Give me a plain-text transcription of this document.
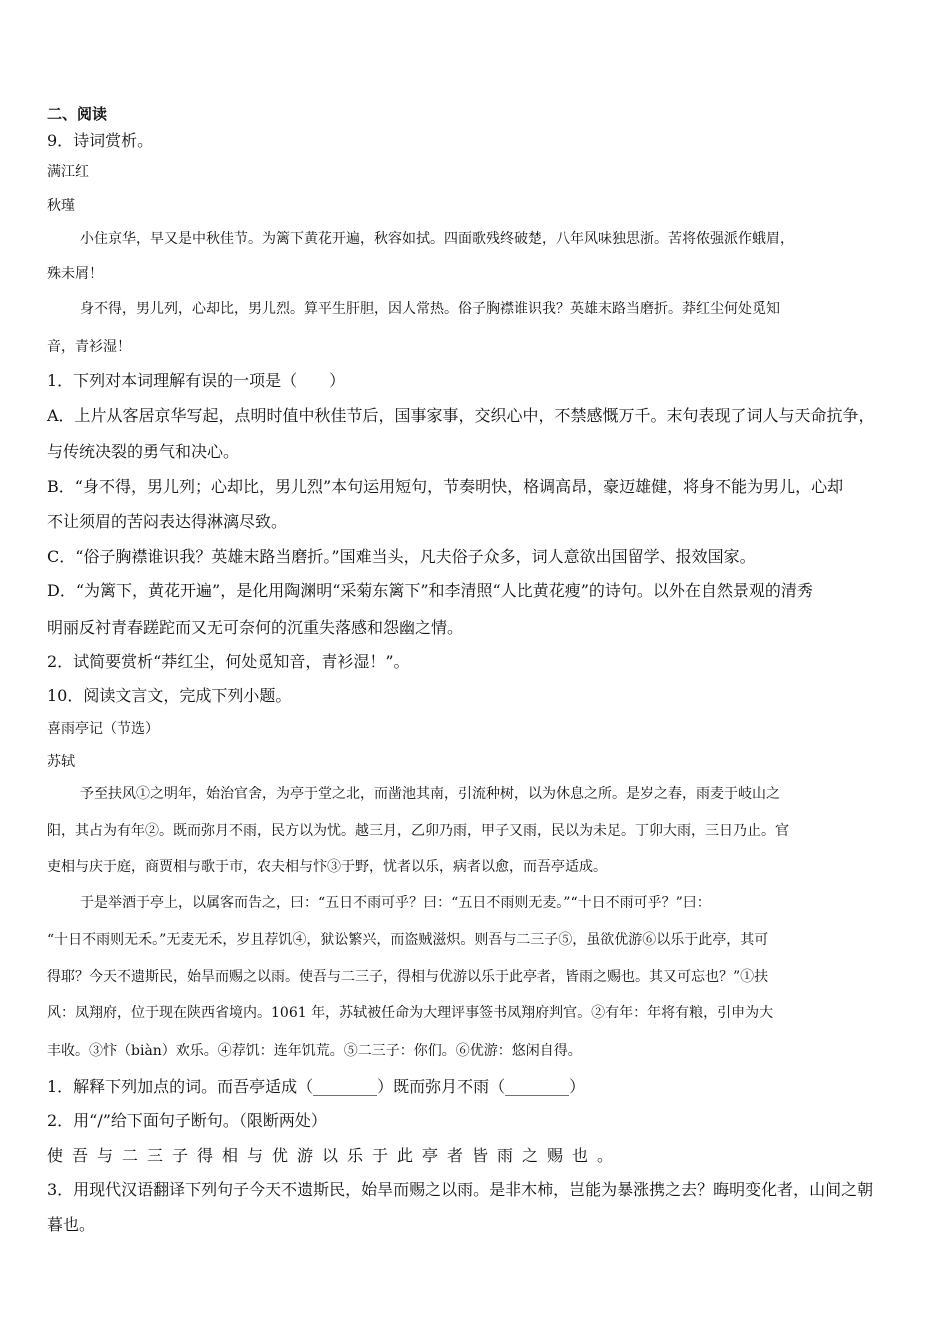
二、阅读
9．诗词赏析。
满江红
秋瑾
小住京华，早又是中秋佳节。为篱下黄花开遍，秋容如拭。四面歌残终破楚，八年风味独思浙。苦将侬强派作蛾眉，
殊未屑！
身不得，男儿列，心却比，男儿烈。算平生肝胆，因人常热。俗子胸襟谁识我？英雄末路当磨折。莽红尘何处觅知
音，青衫湿！
1．下列对本词理解有误的一项是（　　）
A．上片从客居京华写起，点明时值中秋佳节后，国事家事，交织心中，不禁感慨万千。末句表现了词人与天命抗争，
与传统决裂的勇气和决心。
B．“身不得，男儿列；心却比，男儿烈”本句运用短句，节奏明快，格调高昂，豪迈雄健，将身不能为男儿，心却
不让须眉的苦闷表达得淋漓尽致。
C．“俗子胸襟谁识我？英雄末路当磨折。”国难当头，凡夫俗子众多，词人意欲出国留学、报效国家。
D．“为篱下，黄花开遍”，是化用陶渊明“采菊东篱下”和李清照“人比黄花瘦”的诗句。以外在自然景观的清秀
明丽反衬青春蹉跎而又无可奈何的沉重失落感和怨幽之情。
2．试简要赏析“莽红尘，何处觅知音，青衫湿！”。
10．阅读文言文，完成下列小题。
喜雨亭记（节选）
苏轼
予至扶风①之明年，始治官舍，为亭于堂之北，而凿池其南，引流种树，以为休息之所。是岁之春，雨麦于岐山之
阳，其占为有年②。既而弥月不雨，民方以为忧。越三月，乙卯乃雨，甲子又雨，民以为未足。丁卯大雨，三日乃止。官
吏相与庆于庭，商贾相与歌于市，农夫相与忭③于野，忧者以乐，病者以愈，而吾亭适成。
于是举酒于亭上，以属客而告之，曰：“五日不雨可乎？曰：“五日不雨则无麦。”“十日不雨可乎？”曰：
“十日不雨则无禾。”无麦无禾，岁且荐饥④，狱讼繁兴，而盗贼滋炽。则吾与二三子⑤，虽欲优游⑥以乐于此亭，其可
得耶？今天不遗斯民，始旱而赐之以雨。使吾与二三子，得相与优游以乐于此亭者，皆雨之赐也。其又可忘也？”①扶
风：凤翔府，位于现在陕西省境内。1061 年，苏轼被任命为大理评事签书凤翔府判官。②有年：年将有粮，引申为大
丰收。③忭（biàn）欢乐。④荐饥：连年饥荒。⑤二三子：你们。⑥优游：悠闲自得。
1．解释下列加点的词。而吾亭适成（________）既而弥月不雨（________）
2．用“/”给下面句子断句。（限断两处）
使吾与二三子得相与优游以乐于此亭者皆雨之赐也。
3．用现代汉语翻译下列句子今天不遗斯民，始旱而赐之以雨。是非木柿，岂能为暴涨携之去？晦明变化者，山间之朝
暮也。
